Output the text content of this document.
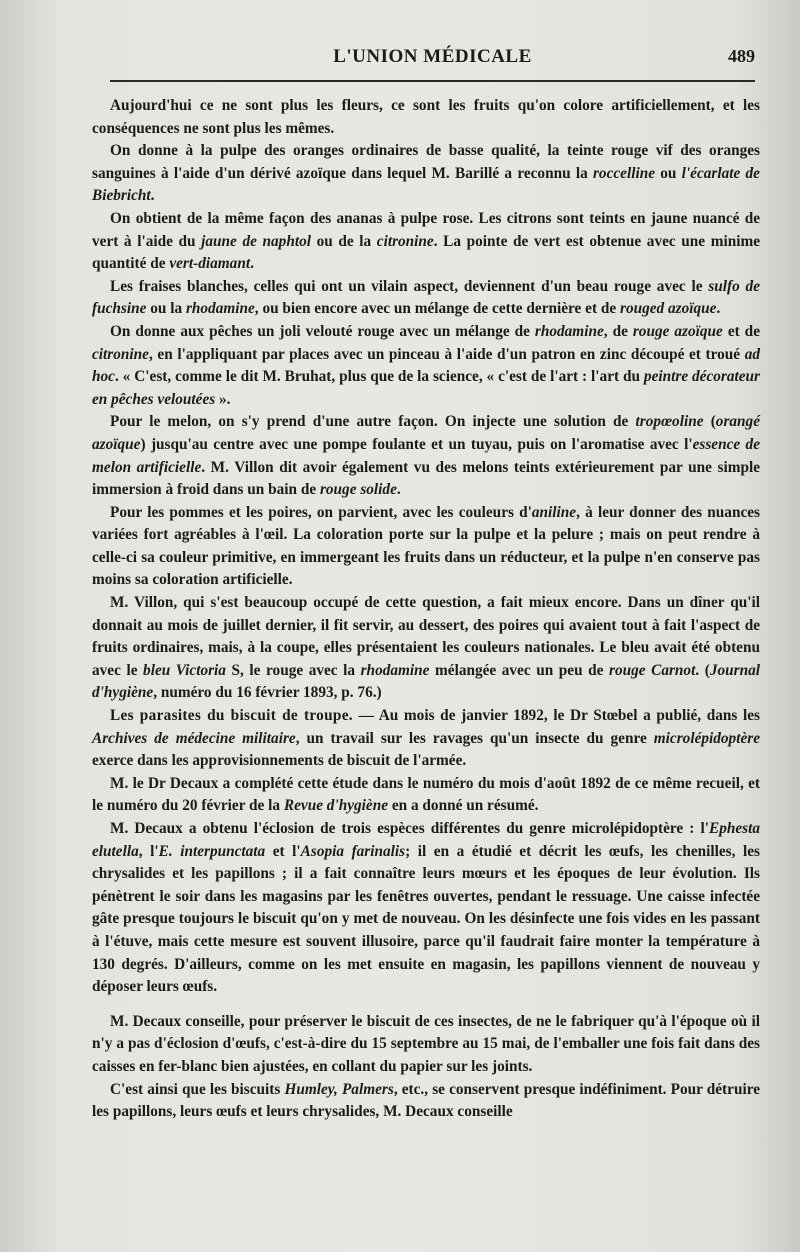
L'UNION MÉDICALE	489

Aujourd'hui ce ne sont plus les fleurs, ce sont les fruits qu'on colore artificiellement, et les conséquences ne sont plus les mêmes.

On donne à la pulpe des oranges ordinaires de basse qualité, la teinte rouge vif des oranges sanguines à l'aide d'un dérivé azoïque dans lequel M. Barillé a reconnu la roccelline ou l'écarlate de Biebricht.

On obtient de la même façon des ananas à pulpe rose. Les citrons sont teints en jaune nuancé de vert à l'aide du jaune de naphtol ou de la citronine. La pointe de vert est obtenue avec une minime quantité de vert-diamant.

Les fraises blanches, celles qui ont un vilain aspect, deviennent d'un beau rouge avec le sulfo de fuchsine ou la rhodamine, ou bien encore avec un mélange de cette dernière et de rouged azoïque.

On donne aux pêches un joli velouté rouge avec un mélange de rhodamine, de rouge azoïque et de citronine, en l'appliquant par places avec un pinceau à l'aide d'un patron en zinc découpé et troué ad hoc. « C'est, comme le dit M. Bruhat, plus que de la science, « c'est de l'art : l'art du peintre décorateur en pêches veloutées ».

Pour le melon, on s'y prend d'une autre façon. On injecte une solution de tropœoline (orangé azoïque) jusqu'au centre avec une pompe foulante et un tuyau, puis on l'aromatise avec l'essence de melon artificielle. M. Villon dit avoir également vu des melons teints extérieurement par une simple immersion à froid dans un bain de rouge solide.

Pour les pommes et les poires, on parvient, avec les couleurs d'aniline, à leur donner des nuances variées fort agréables à l'œil. La coloration porte sur la pulpe et la pelure ; mais on peut rendre à celle-ci sa couleur primitive, en immergeant les fruits dans un réducteur, et la pulpe n'en conserve pas moins sa coloration artificielle.

M. Villon, qui s'est beaucoup occupé de cette question, a fait mieux encore. Dans un dîner qu'il donnait au mois de juillet dernier, il fit servir, au dessert, des poires qui avaient tout à fait l'aspect de fruits ordinaires, mais, à la coupe, elles présentaient les couleurs nationales. Le bleu avait été obtenu avec le bleu Victoria S, le rouge avec la rhodamine mélangée avec un peu de rouge Carnot. (Journal d'hygiène, numéro du 16 février 1893, p. 76.)

Les parasites du biscuit de troupe. — Au mois de janvier 1892, le Dr Stœbel a publié, dans les Archives de médecine militaire, un travail sur les ravages qu'un insecte du genre microlépidoptère exerce dans les approvisionnements de biscuit de l'armée.

M. le Dr Decaux a complété cette étude dans le numéro du mois d'août 1892 de ce même recueil, et le numéro du 20 février de la Revue d'hygiène en a donné un résumé.

M. Decaux a obtenu l'éclosion de trois espèces différentes du genre microlépidoptère : l'Ephesta elutella, l'E. interpunctata et l'Asopia farinalis; il en a étudié et décrit les œufs, les chenilles, les chrysalides et les papillons ; il a fait connaître leurs mœurs et les époques de leur évolution. Ils pénètrent le soir dans les magasins par les fenêtres ouvertes, pendant le ressuage. Une caisse infectée gâte presque toujours le biscuit qu'on y met de nouveau. On les désinfecte une fois vides en les passant à l'étuve, mais cette mesure est souvent illusoire, parce qu'il faudrait faire monter la température à 130 degrés. D'ailleurs, comme on les met ensuite en magasin, les papillons viennent de nouveau y déposer leurs œufs.

M. Decaux conseille, pour préserver le biscuit de ces insectes, de ne le fabriquer qu'à l'époque où il n'y a pas d'éclosion d'œufs, c'est-à-dire du 15 septembre au 15 mai, de l'emballer une fois fait dans des caisses en fer-blanc bien ajustées, en collant du papier sur les joints.

C'est ainsi que les biscuits Humley, Palmers, etc., se conservent presque indéfiniment. Pour détruire les papillons, leurs œufs et leurs chrysalides, M. Decaux conseille
